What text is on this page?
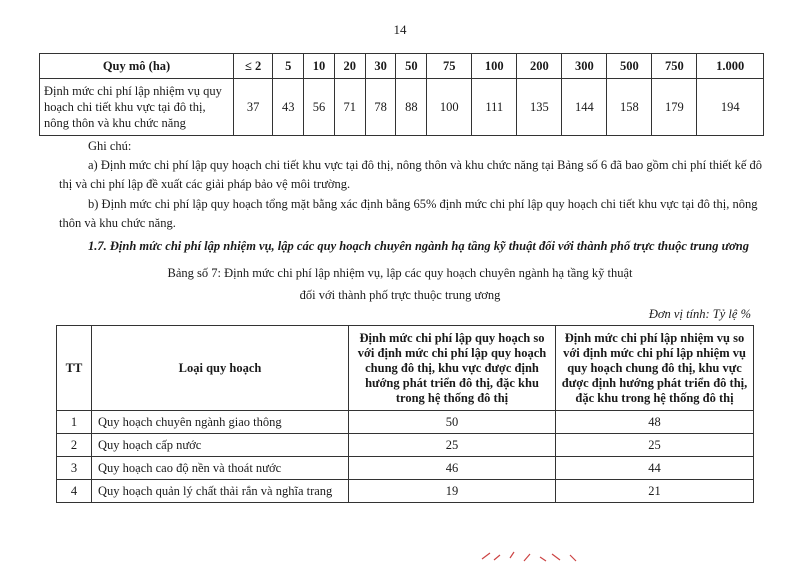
14
Quy mô (ha)	≤ 2	5	10	20	30	50	75	100	200	300	500	750	1.000
Định mức chi phí lập nhiệm vụ quy hoạch chi tiết khu vực tại đô thị, nông thôn và khu chức năng	37	43	56	71	78	88	100	111	135	144	158	179	194
Ghi chú:
a) Định mức chi phí lập quy hoạch chi tiết khu vực tại đô thị, nông thôn và khu chức năng tại Bảng số 6 đã bao gồm chi phí thiết kế đô thị và chi phí lập đề xuất các giải pháp bảo vệ môi trường.
b) Định mức chi phí lập quy hoạch tổng mặt bằng xác định bằng 65% định mức chi phí lập quy hoạch chi tiết khu vực tại đô thị, nông thôn và khu chức năng.
1.7. Định mức chi phí lập nhiệm vụ, lập các quy hoạch chuyên ngành hạ tầng kỹ thuật đối với thành phố trực thuộc trung ương
Bảng số 7: Định mức chi phí lập nhiệm vụ, lập các quy hoạch chuyên ngành hạ tầng kỹ thuật
đối với thành phố trực thuộc trung ương
Đơn vị tính: Tỷ lệ %
TT	Loại quy hoạch	Định mức chi phí lập quy hoạch so với định mức chi phí lập quy hoạch chung đô thị, khu vực được định hướng phát triển đô thị, đặc khu trong hệ thống đô thị	Định mức chi phí lập nhiệm vụ so với định mức chi phí lập nhiệm vụ quy hoạch chung đô thị, khu vực được định hướng phát triển đô thị, đặc khu trong hệ thống đô thị
1	Quy hoạch chuyên ngành giao thông	50	48
2	Quy hoạch cấp nước	25	25
3	Quy hoạch cao độ nền và thoát nước	46	44
4	Quy hoạch quản lý chất thải rắn và nghĩa trang	19	21
